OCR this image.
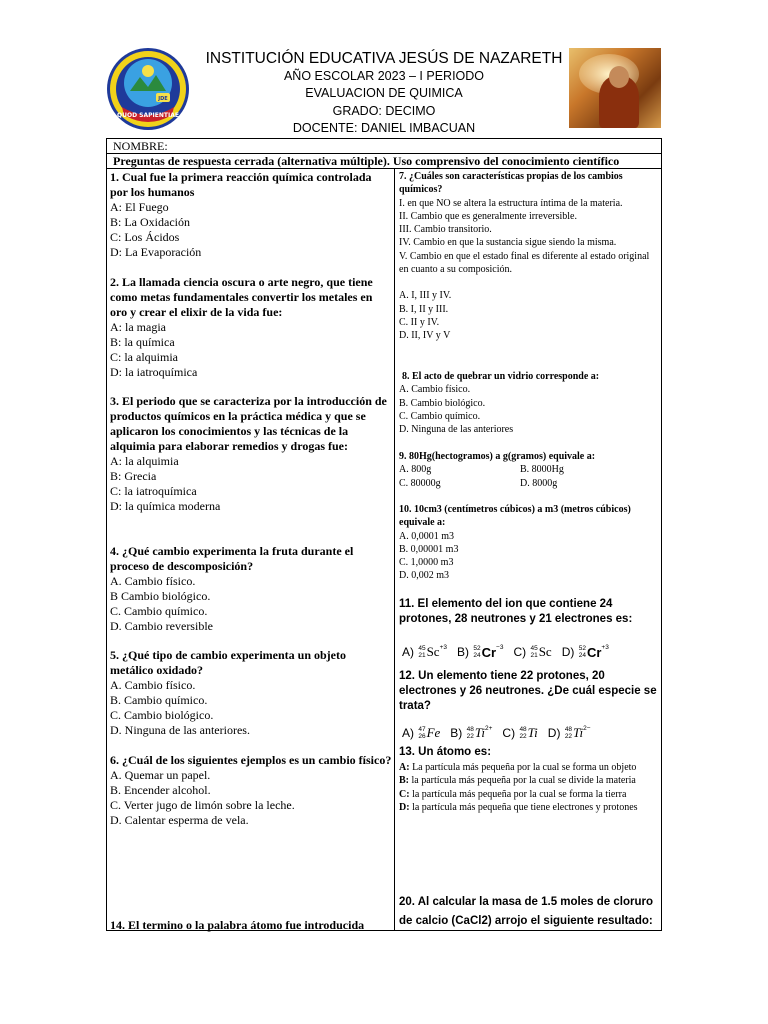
JDE
QUOD SAPIENTIAE
INSTITUCIÓN EDUCATIVA JESÚS DE NAZARETH
AÑO ESCOLAR 2023 – I PERIODO
EVALUACION DE QUIMICA
GRADO: DECIMO
DOCENTE: DANIEL IMBACUAN
NOMBRE:
Preguntas de respuesta cerrada (alternativa múltiple). Uso comprensivo del conocimiento científico
1. Cual fue la primera reacción química controlada por los humanos
A: El Fuego
B: La Oxidación
C: Los Ácidos
D: La Evaporación
2. La llamada ciencia oscura o arte negro, que tiene como metas fundamentales convertir los metales en oro y crear el elixir de la vida fue:
A: la magia
B: la química
C: la alquimia
D: la iatroquímica
3. El periodo que se caracteriza por la introducción de productos químicos en la práctica médica y que se aplicaron los conocimientos y las técnicas de la alquimia para elaborar remedios y drogas fue:
A: la alquimia
B: Grecia
C: la iatroquímica
D: la química moderna
4. ¿Qué cambio experimenta la fruta durante el proceso de descomposición?
A. Cambio físico.
B Cambio biológico.
C. Cambio químico.
D. Cambio reversible
5. ¿Qué tipo de cambio experimenta un objeto metálico oxidado?
A. Cambio físico.
B. Cambio químico.
C. Cambio biológico.
D. Ninguna de las anteriores.
6. ¿Cuál de los siguientes ejemplos es un cambio físico?
A. Quemar un papel.
B. Encender alcohol.
C. Verter jugo de limón sobre la leche.
D. Calentar esperma de vela.
14. El termino o la palabra átomo fue introducida
7. ¿Cuáles son características propias de los cambios químicos?
I. en que NO se altera la estructura íntima de la materia.
II. Cambio que es generalmente irreversible.
III. Cambio transitorio.
IV. Cambio en que la sustancia sigue siendo la misma.
V. Cambio en que el estado final es diferente al estado original en cuanto a su composición.
A. I, III y IV.
B. I, II y III.
C. II y IV.
D. II, IV y V
8. El acto de quebrar un vidrio corresponde a:
A. Cambio físico.
B. Cambio biológico.
C. Cambio químico.
D. Ninguna de las anteriores
9. 80Hg(hectogramos) a g(gramos) equivale a:
A. 800g	B. 8000Hg
C. 80000g	D. 8000g
10. 10cm3 (centímetros cúbicos) a m3 (metros cúbicos) equivale a:
A. 0,0001 m3
B. 0,00001 m3
C. 1,0000 m3
D. 0,002 m3
11. El elemento del ion que contiene 24 protones, 28 neutrones y 21 electrones es:
A)
45
21 Sc +3 B)
52
24 Cr −3 C)
45
21 Sc D)
52
24 Cr +3
12. Un elemento tiene 22 protones, 20 electrones y 26 neutrones. ¿De cuál especie se trata?
A)
47
26 Fe B)
48
22 Ti 2+ C)
48
22 Ti D)
48
22 Ti 2−
13. Un átomo es:
A: La partícula más pequeña por la cual se forma un objeto
B: la partícula más pequeña por la cual se divide la materia
C: la partícula más pequeña por la cual se forma la tierra
D: la partícula más pequeña que tiene electrones y protones
20. Al calcular la masa de 1.5 moles de cloruro de calcio (CaCl2) arrojo el siguiente resultado:
